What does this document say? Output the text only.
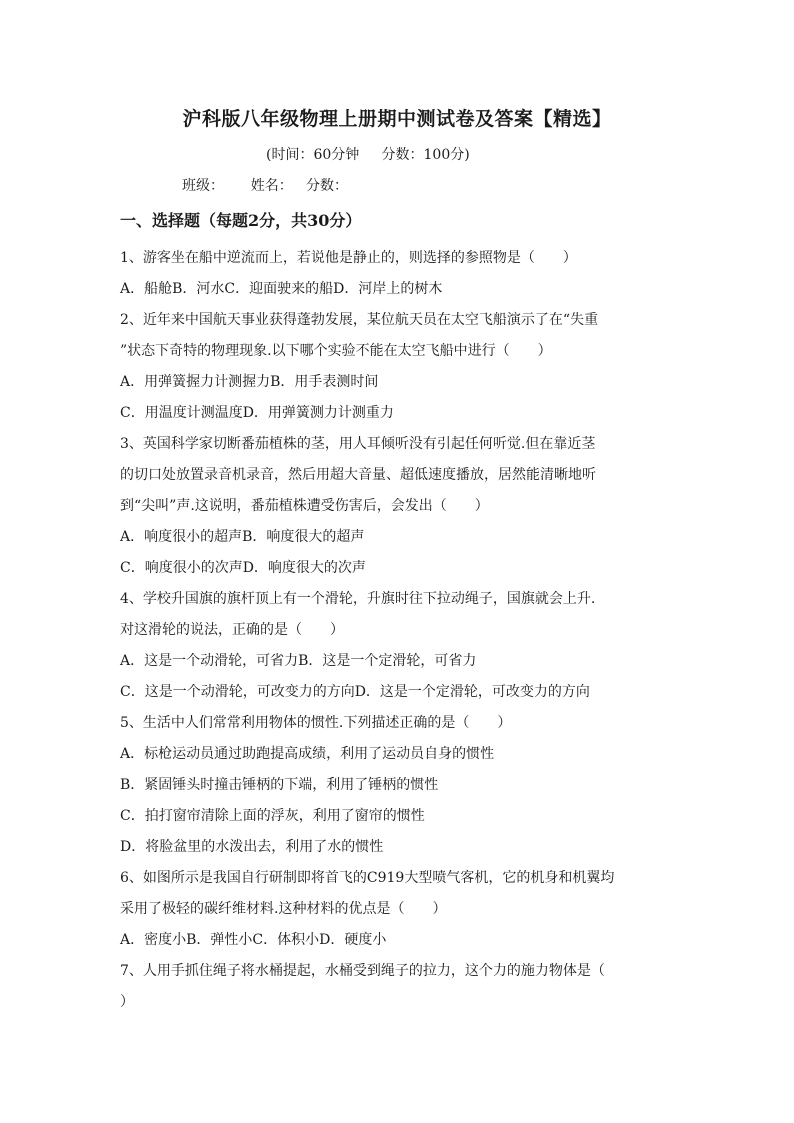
沪科版八年级物理上册期中测试卷及答案【精选】
(时间：60分钟     分数：100分)
班级：      姓名：   分数：
一、选择题（每题2分，共30分）
1、游客坐在船中逆流而上，若说他是静止的，则选择的参照物是（　　）
A．船舱B．河水C．迎面驶来的船D．河岸上的树木
2、近年来中国航天事业获得蓬勃发展，某位航天员在太空飞船演示了在“失重
”状态下奇特的物理现象.以下哪个实验不能在太空飞船中进行（　　）
A．用弹簧握力计测握力B．用手表测时间
C．用温度计测温度D．用弹簧测力计测重力
3、英国科学家切断番茄植株的茎，用人耳倾听没有引起任何听觉.但在靠近茎
的切口处放置录音机录音，然后用超大音量、超低速度播放，居然能清晰地听
到“尖叫”声.这说明，番茄植株遭受伤害后，会发出（　　）
A．响度很小的超声B．响度很大的超声
C．响度很小的次声D．响度很大的次声
4、学校升国旗的旗杆顶上有一个滑轮，升旗时往下拉动绳子，国旗就会上升.
对这滑轮的说法，正确的是（　　）
A．这是一个动滑轮，可省力B．这是一个定滑轮，可省力
C．这是一个动滑轮，可改变力的方向D．这是一个定滑轮，可改变力的方向
5、生活中人们常常利用物体的惯性.下列描述正确的是（　　）
A．标枪运动员通过助跑提高成绩，利用了运动员自身的惯性
B．紧固锤头时撞击锤柄的下端，利用了锤柄的惯性
C．拍打窗帘清除上面的浮灰，利用了窗帘的惯性
D．将脸盆里的水泼出去，利用了水的惯性
6、如图所示是我国自行研制即将首飞的C919大型喷气客机，它的机身和机翼均
采用了极轻的碳纤维材料.这种材料的优点是（　　）
A．密度小B．弹性小C．体积小D．硬度小
7、人用手抓住绳子将水桶提起，水桶受到绳子的拉力，这个力的施力物体是（
）
